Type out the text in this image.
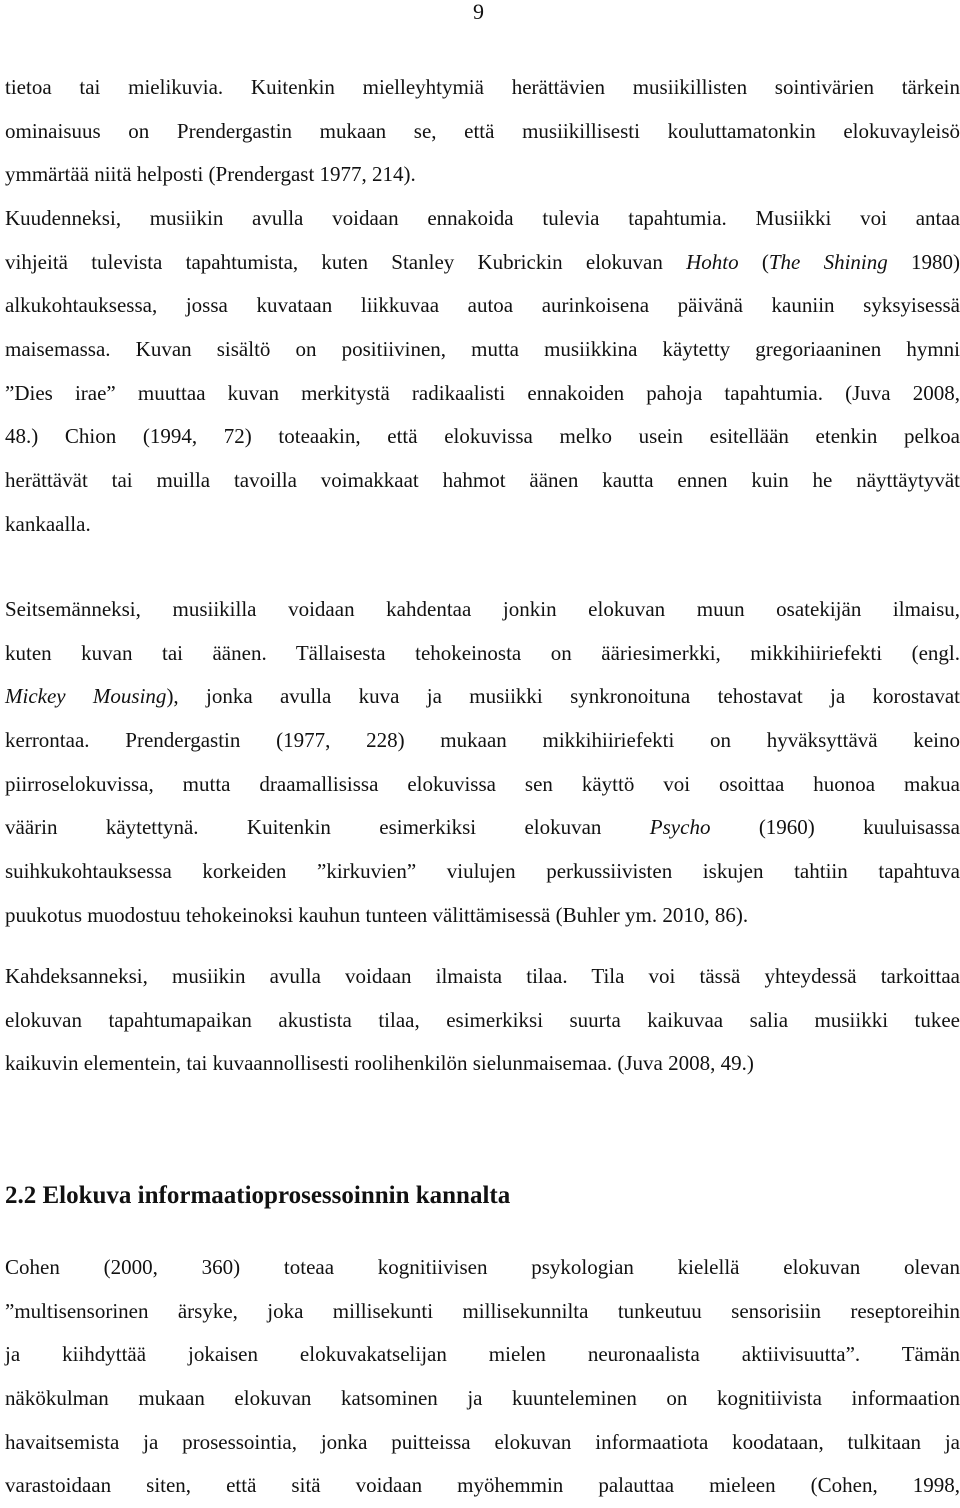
9
tietoa tai mielikuvia. Kuitenkin mielleyhtymiä herättävien musiikillisten sointivärien tärkein
ominaisuus on Prendergastin mukaan se, että musiikillisesti kouluttamatonkin elokuvayleisö
ymmärtää niitä helposti (Prendergast 1977, 214).
Kuudenneksi, musiikin avulla voidaan ennakoida tulevia tapahtumia. Musiikki voi antaa
vihjeitä tulevista tapahtumista, kuten Stanley Kubrickin elokuvan Hohto (The Shining 1980)
alkukohtauksessa, jossa kuvataan liikkuvaa autoa aurinkoisena päivänä kauniin syksyisessä
maisemassa. Kuvan sisältö on positiivinen, mutta musiikkina käytetty gregoriaaninen hymni
”Dies irae” muuttaa kuvan merkitystä radikaalisti ennakoiden pahoja tapahtumia. (Juva 2008,
48.) Chion (1994, 72) toteaakin, että elokuvissa melko usein esitellään etenkin pelkoa
herättävät tai muilla tavoilla voimakkaat hahmot äänen kautta ennen kuin he näyttäytyvät
kankaalla.
Seitsemänneksi, musiikilla voidaan kahdentaa jonkin elokuvan muun osatekijän ilmaisu,
kuten kuvan tai äänen. Tällaisesta tehokeinosta on ääriesimerkki, mikkihiiriefekti (engl.
Mickey Mousing), jonka avulla kuva ja musiikki synkronoituna tehostavat ja korostavat
kerrontaa. Prendergastin (1977, 228) mukaan mikkihiiriefekti on hyväksyttävä keino
piirroselokuvissa, mutta draamallisissa elokuvissa sen käyttö voi osoittaa huonoa makua
väärin käytettynä. Kuitenkin esimerkiksi elokuvan Psycho (1960) kuuluisassa
suihkukohtauksessa korkeiden ”kirkuvien” viulujen perkussiivisten iskujen tahtiin tapahtuva
puukotus muodostuu tehokeinoksi kauhun tunteen välittämisessä (Buhler ym. 2010, 86).
Kahdeksanneksi, musiikin avulla voidaan ilmaista tilaa. Tila voi tässä yhteydessä tarkoittaa
elokuvan tapahtumapaikan akustista tilaa, esimerkiksi suurta kaikuvaa salia musiikki tukee
kaikuvin elementein, tai kuvaannollisesti roolihenkilön sielunmaisemaa. (Juva 2008, 49.)
2.2 Elokuva informaatioprosessoinnin kannalta
Cohen (2000, 360) toteaa kognitiivisen psykologian kielellä elokuvan olevan
”multisensorinen ärsyke, joka millisekunti millisekunnilta tunkeutuu sensorisiin reseptoreihin
ja kiihdyttää jokaisen elokuvakatselijan mielen neuronaalista aktiivisuutta”. Tämän
näkökulman mukaan elokuvan katsominen ja kuunteleminen on kognitiivista informaation
havaitsemista ja prosessointia, jonka puitteissa elokuvan informaatiota koodataan, tulkitaan ja
varastoidaan siten, että sitä voidaan myöhemmin palauttaa mieleen (Cohen, 1998,
